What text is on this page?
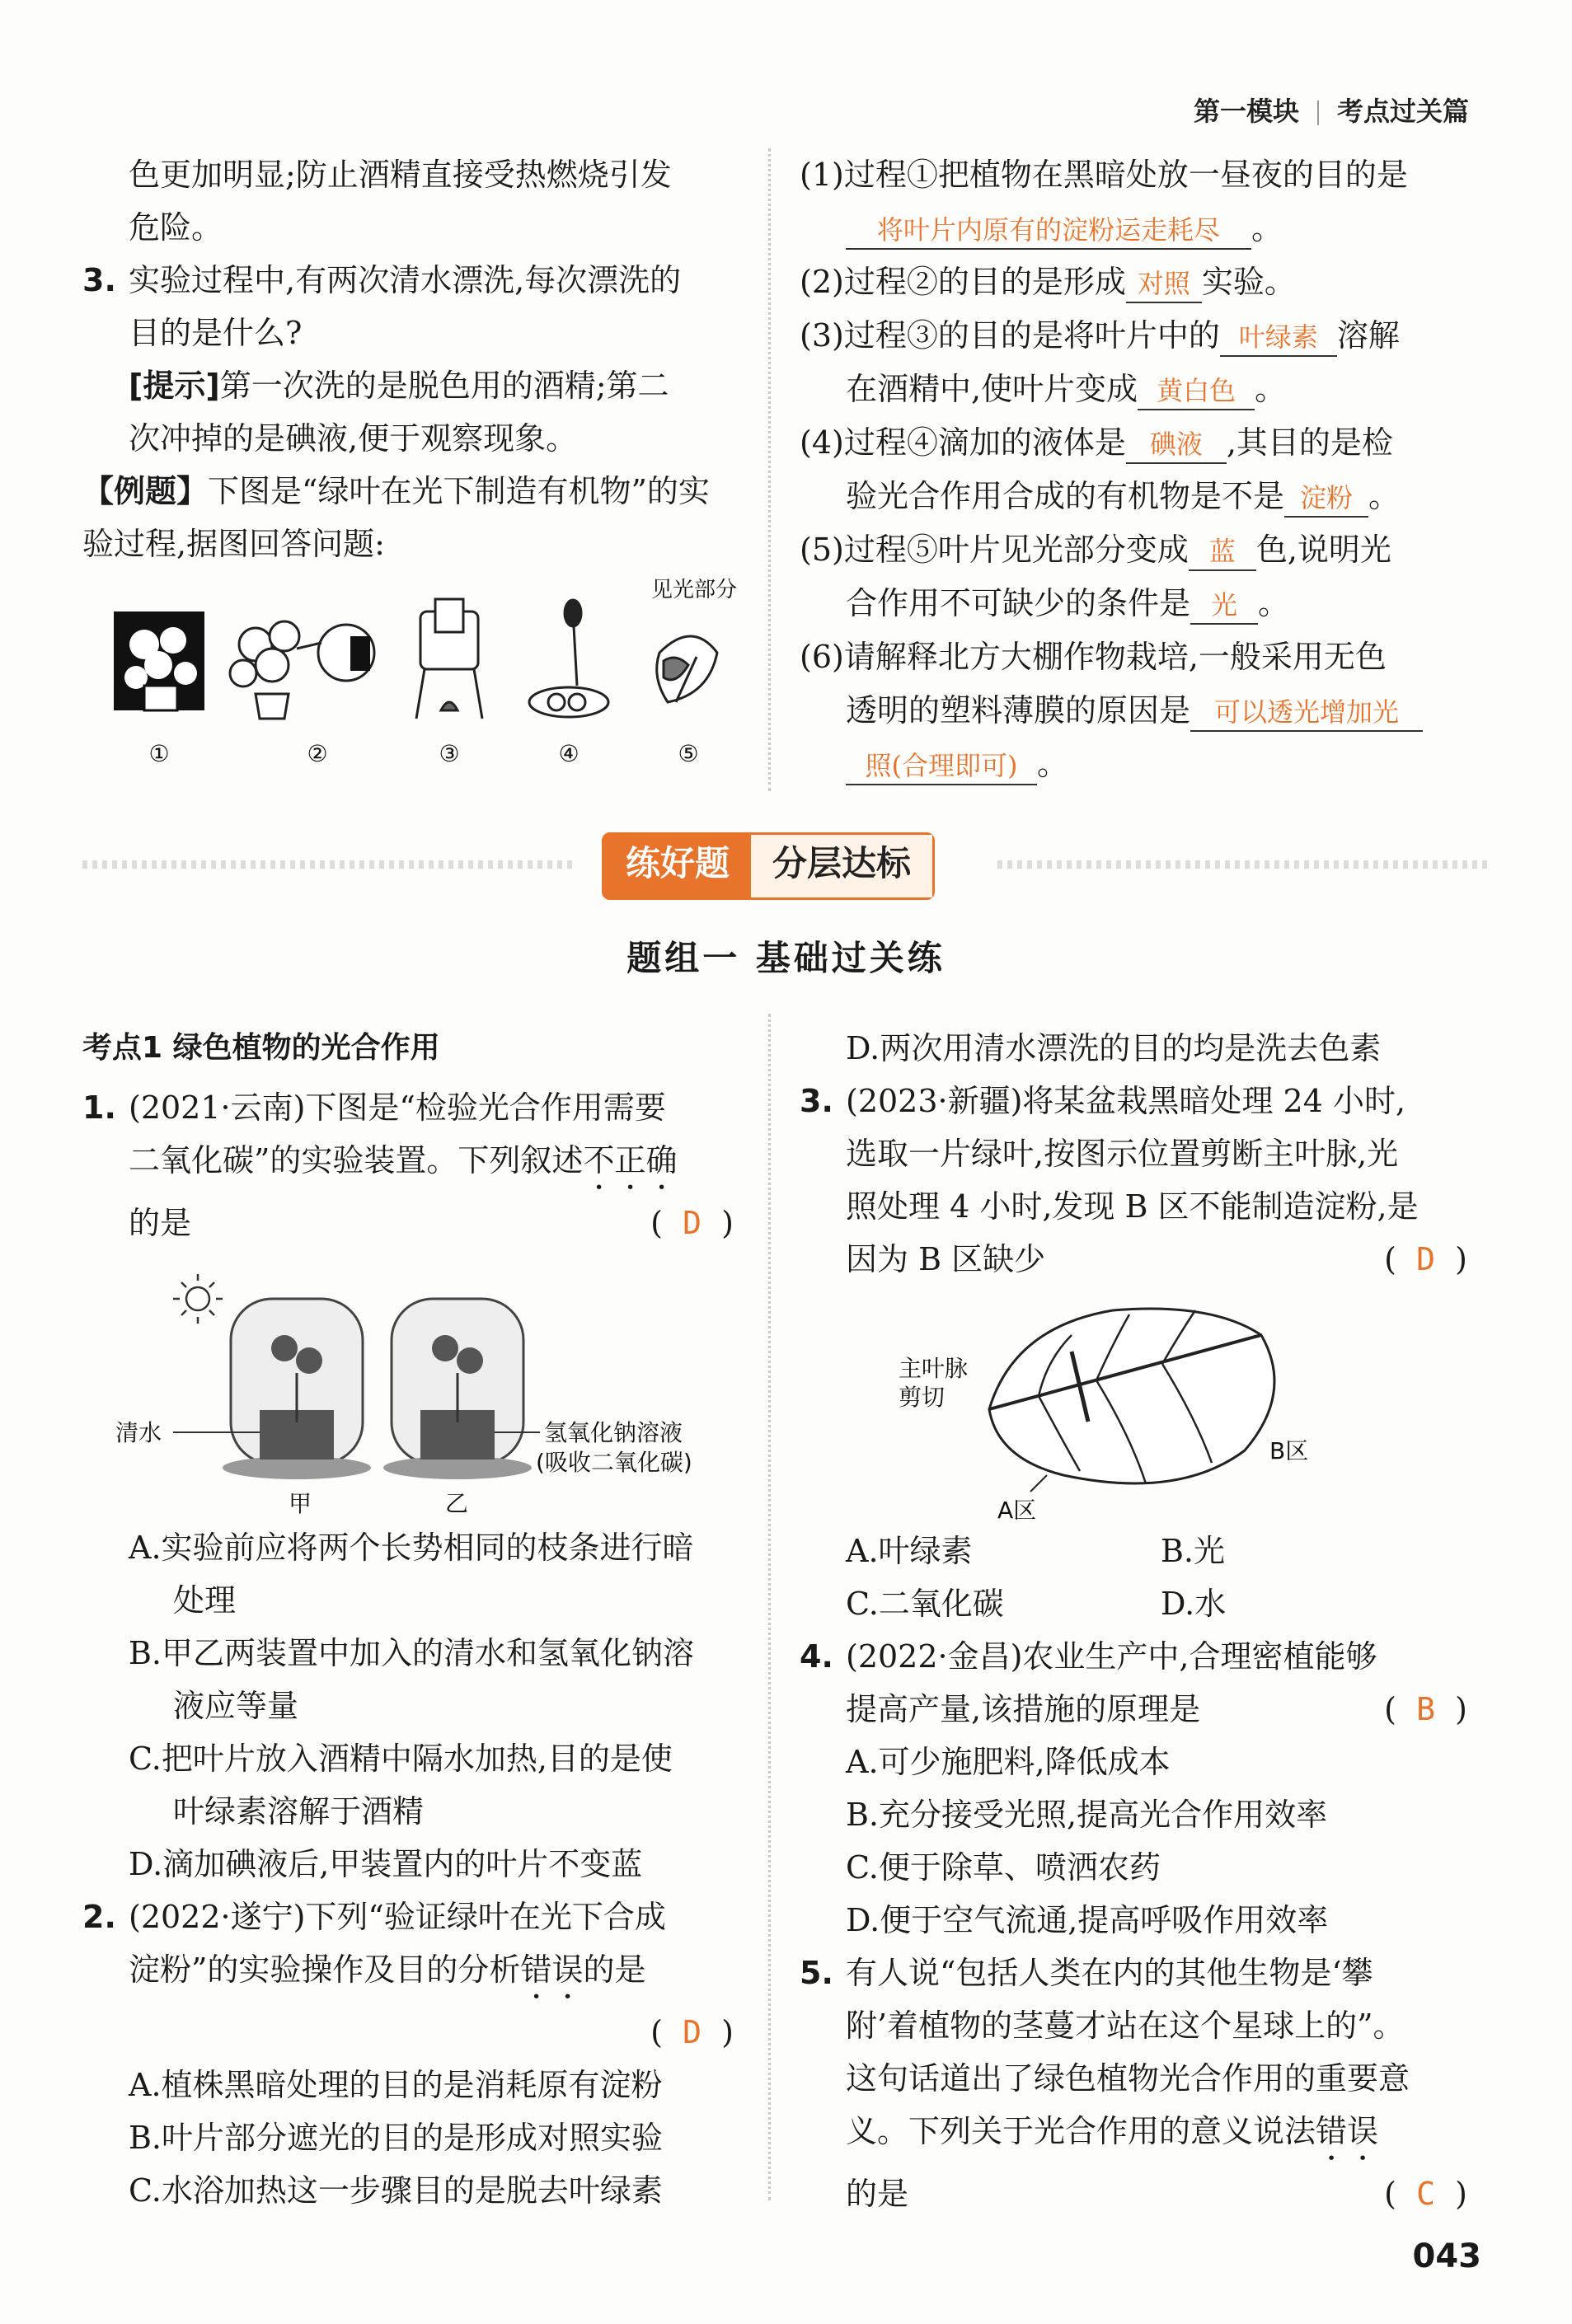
第一模块 考点过关篇
色更加明显;防止酒精直接受热燃烧引发
危险。
3. 实验过程中,有两次清水漂洗,每次漂洗的
目的是什么?
[提示]第一次洗的是脱色用的酒精;第二
次冲掉的是碘液,便于观察现象。
【例题】下图是“绿叶在光下制造有机物”的实
验过程,据图回答问题:
①	②	③	④	⑤
见光部分
(1)过程①把植物在黑暗处放一昼夜的目的是
将叶片内原有的淀粉运走耗尽 。
(2)过程②的目的是形成 对照 实验。
(3)过程③的目的是将叶片中的 叶绿素 溶解
在酒精中,使叶片变成 黄白色 。
(4)过程④滴加的液体是 碘液 ,其目的是检
验光合作用合成的有机物是不是 淀粉 。
(5)过程⑤叶片见光部分变成 蓝 色,说明光
合作用不可缺少的条件是 光 。
(6)请解释北方大棚作物栽培,一般采用无色
透明的塑料薄膜的原因是 可以透光增加光
照(合理即可) 。
练好题	分层达标
题组一 基础过关练
考点1 绿色植物的光合作用
1. (2021·云南)下图是“检验光合作用需要
二氧化碳”的实验装置。下列叙述不正确
的是	(  D  )
清水	氢氧化钠溶液
(吸收二氧化碳)
甲	乙
A.实验前应将两个长势相同的枝条进行暗
处理
B.甲乙两装置中加入的清水和氢氧化钠溶
液应等量
C.把叶片放入酒精中隔水加热,目的是使
叶绿素溶解于酒精
D.滴加碘液后,甲装置内的叶片不变蓝
2. (2022·遂宁)下列“验证绿叶在光下合成
淀粉”的实验操作及目的分析错误的是
(  D  )
A.植株黑暗处理的目的是消耗原有淀粉
B.叶片部分遮光的目的是形成对照实验
C.水浴加热这一步骤目的是脱去叶绿素
D.两次用清水漂洗的目的均是洗去色素
3. (2023·新疆)将某盆栽黑暗处理 24 小时,
选取一片绿叶,按图示位置剪断主叶脉,光
照处理 4 小时,发现 B 区不能制造淀粉,是
因为 B 区缺少	(  D  )
主叶脉
剪切
B区
A区
A.叶绿素	B.光
C.二氧化碳	D.水
4. (2022·金昌)农业生产中,合理密植能够
提高产量,该措施的原理是	(  B  )
A.可少施肥料,降低成本
B.充分接受光照,提高光合作用效率
C.便于除草、喷洒农药
D.便于空气流通,提高呼吸作用效率
5. 有人说“包括人类在内的其他生物是‘攀
附’着植物的茎蔓才站在这个星球上的”。
这句话道出了绿色植物光合作用的重要意
义。下列关于光合作用的意义说法错误
的是	(  C  )
043
